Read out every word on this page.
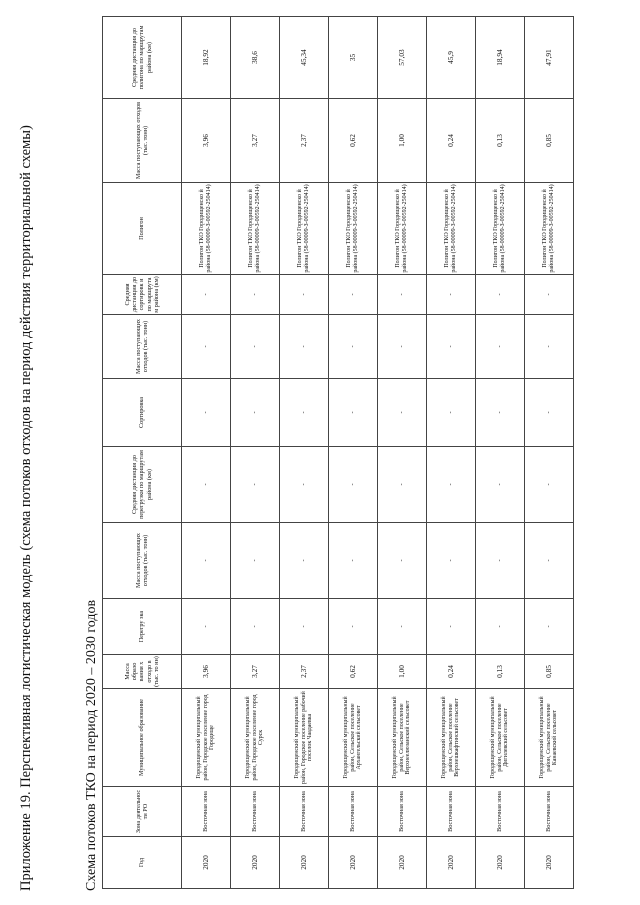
Приложение 19. Перспективная логистическая модель (схема потоков отходов на период действия территориальной схемы)	Схема потоков ТКО на период 2020 – 2030 годов	Год	Зона деятельнос ти РО	Муниципальное образование	Масса образо вания х отходо в (тыс. то нн)	Перегру зка	Масса поступающих отходов (тыс. тонн)	Средняя дистанция до перегрузки по маршрутам района (км)	Сортировка	Масса поступающих отходов (тыс. тонн)	Средняя дистанция до сортировк и по маршрута м района (км)	Полигон	Масса поступающих отходов (тыс. тонн)	Средняя дистанция до полигона по маршрутам района (км)
2020	Восточная зона	Городищенский муниципальный район, Городское поселение город Городище	3,96	-	-	-	-	-	-	Полигон ТКО Городищенско й района (58-00009-З-00592-250414)	3,96	18,92
2020	Восточная зона	Городищенский муниципальный район, Городское поселение город Сурск	3,27	-	-	-	-	-	-	Полигон ТКО Городищенско й района (58-00009-З-00592-250414)	3,27	38,6
2020	Восточная зона	Городищенский муниципальный район, Городское поселение рабочий поселок Чаадаевка	2,37	-	-	-	-	-	-	Полигон ТКО Городищенско й района (58-00009-З-00592-250414)	2,37	45,34
2020	Восточная зона	Городищенский муниципальный район, Сельское поселение Архангельский сельсовет	0,62	-	-	-	-	-	-	Полигон ТКО Городищенско й района (58-00009-З-00592-250414)	0,62	35
2020	Восточная зона	Городищенский муниципальный район, Сельское поселение Верхнеелюзанский сельсовет	1,00	-	-	-	-	-	-	Полигон ТКО Городищенско й района (58-00009-З-00592-250414)	1,00	57,03
2020	Восточная зона	Городищенский муниципальный район, Сельское поселение Верхнешкафтинский сельсовет	0,24	-	-	-	-	-	-	Полигон ТКО Городищенско й района (58-00009-З-00592-250414)	0,24	45,9
2020	Восточная зона	Городищенский муниципальный район, Сельское поселение Дигилевский сельсовет	0,13	-	-	-	-	-	-	Полигон ТКО Городищенско й района (58-00009-З-00592-250414)	0,13	18,94
2020	Восточная зона	Городищенский муниципальный район, Сельское поселение Канаевский сельсовет	0,85	-	-	-	-	-	-	Полигон ТКО Городищенско й района (58-00009-З-00592-250414)	0,85	47,91
